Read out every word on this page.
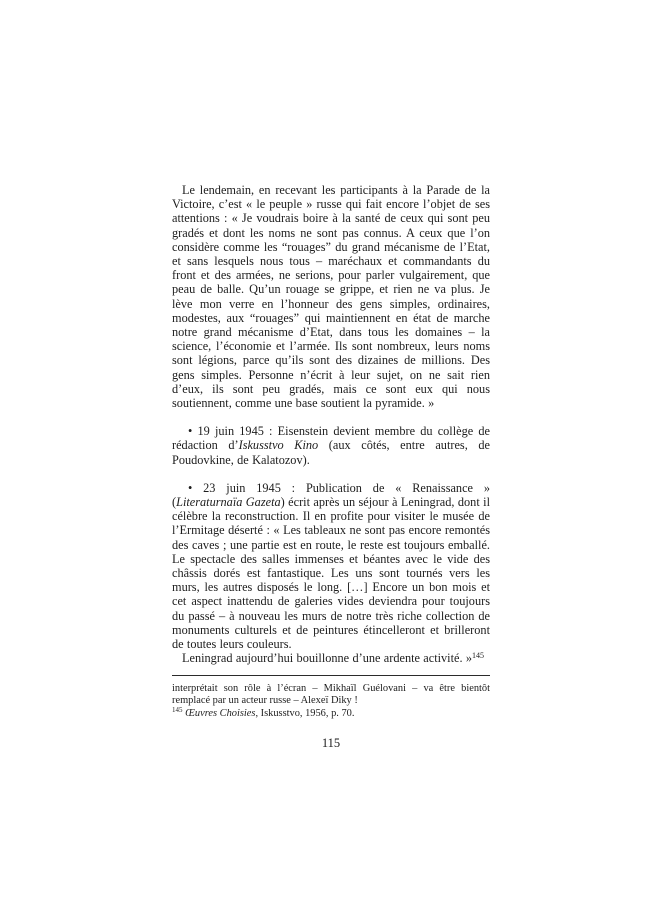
Le lendemain, en recevant les participants à la Parade de la Victoire, c’est « le peuple » russe qui fait encore l’objet de ses attentions : « Je voudrais boire à la santé de ceux qui sont peu gradés et dont les noms ne sont pas connus. A ceux que l’on considère comme les “rouages” du grand mécanisme de l’Etat, et sans lesquels nous tous – maréchaux et commandants du front et des armées, ne serions, pour parler vulgairement, que peau de balle. Qu’un rouage se grippe, et rien ne va plus. Je lève mon verre en l’honneur des gens simples, ordinaires, modestes, aux “rouages” qui maintiennent en état de marche notre grand mécanisme d’Etat, dans tous les domaines – la science, l’économie et l’armée. Ils sont nombreux, leurs noms sont légions, parce qu’ils sont des dizaines de millions. Des gens simples. Personne n’écrit à leur sujet, on ne sait rien d’eux, ils sont peu gradés, mais ce sont eux qui nous soutiennent, comme une base soutient la pyramide. »
• 19 juin 1945 : Eisenstein devient membre du collège de rédaction d’Iskusstvo Kino (aux côtés, entre autres, de Poudovkine, de Kalatozov).
• 23 juin 1945 : Publication de « Renaissance » (Literaturnaïa Gazeta) écrit après un séjour à Leningrad, dont il célèbre la reconstruction. Il en profite pour visiter le musée de l’Ermitage déserté : « Les tableaux ne sont pas encore remontés des caves ; une partie est en route, le reste est toujours emballé. Le spectacle des salles immenses et béantes avec le vide des châssis dorés est fantastique. Les uns sont tournés vers les murs, les autres disposés le long. […] Encore un bon mois et cet aspect inattendu de galeries vides deviendra pour toujours du passé – à nouveau les murs de notre très riche collection de monuments culturels et de peintures étincelleront et brilleront de toutes leurs couleurs.
Leningrad aujourd’hui bouillonne d’une ardente activité. »$^{145}$
interprétait son rôle à l’écran – Mikhaïl Guélovani – va être bientôt remplacé par un acteur russe – Alexeï Diky !
$^{145}$ Œuvres Choisies, Iskusstvo, 1956, p. 70.
115
